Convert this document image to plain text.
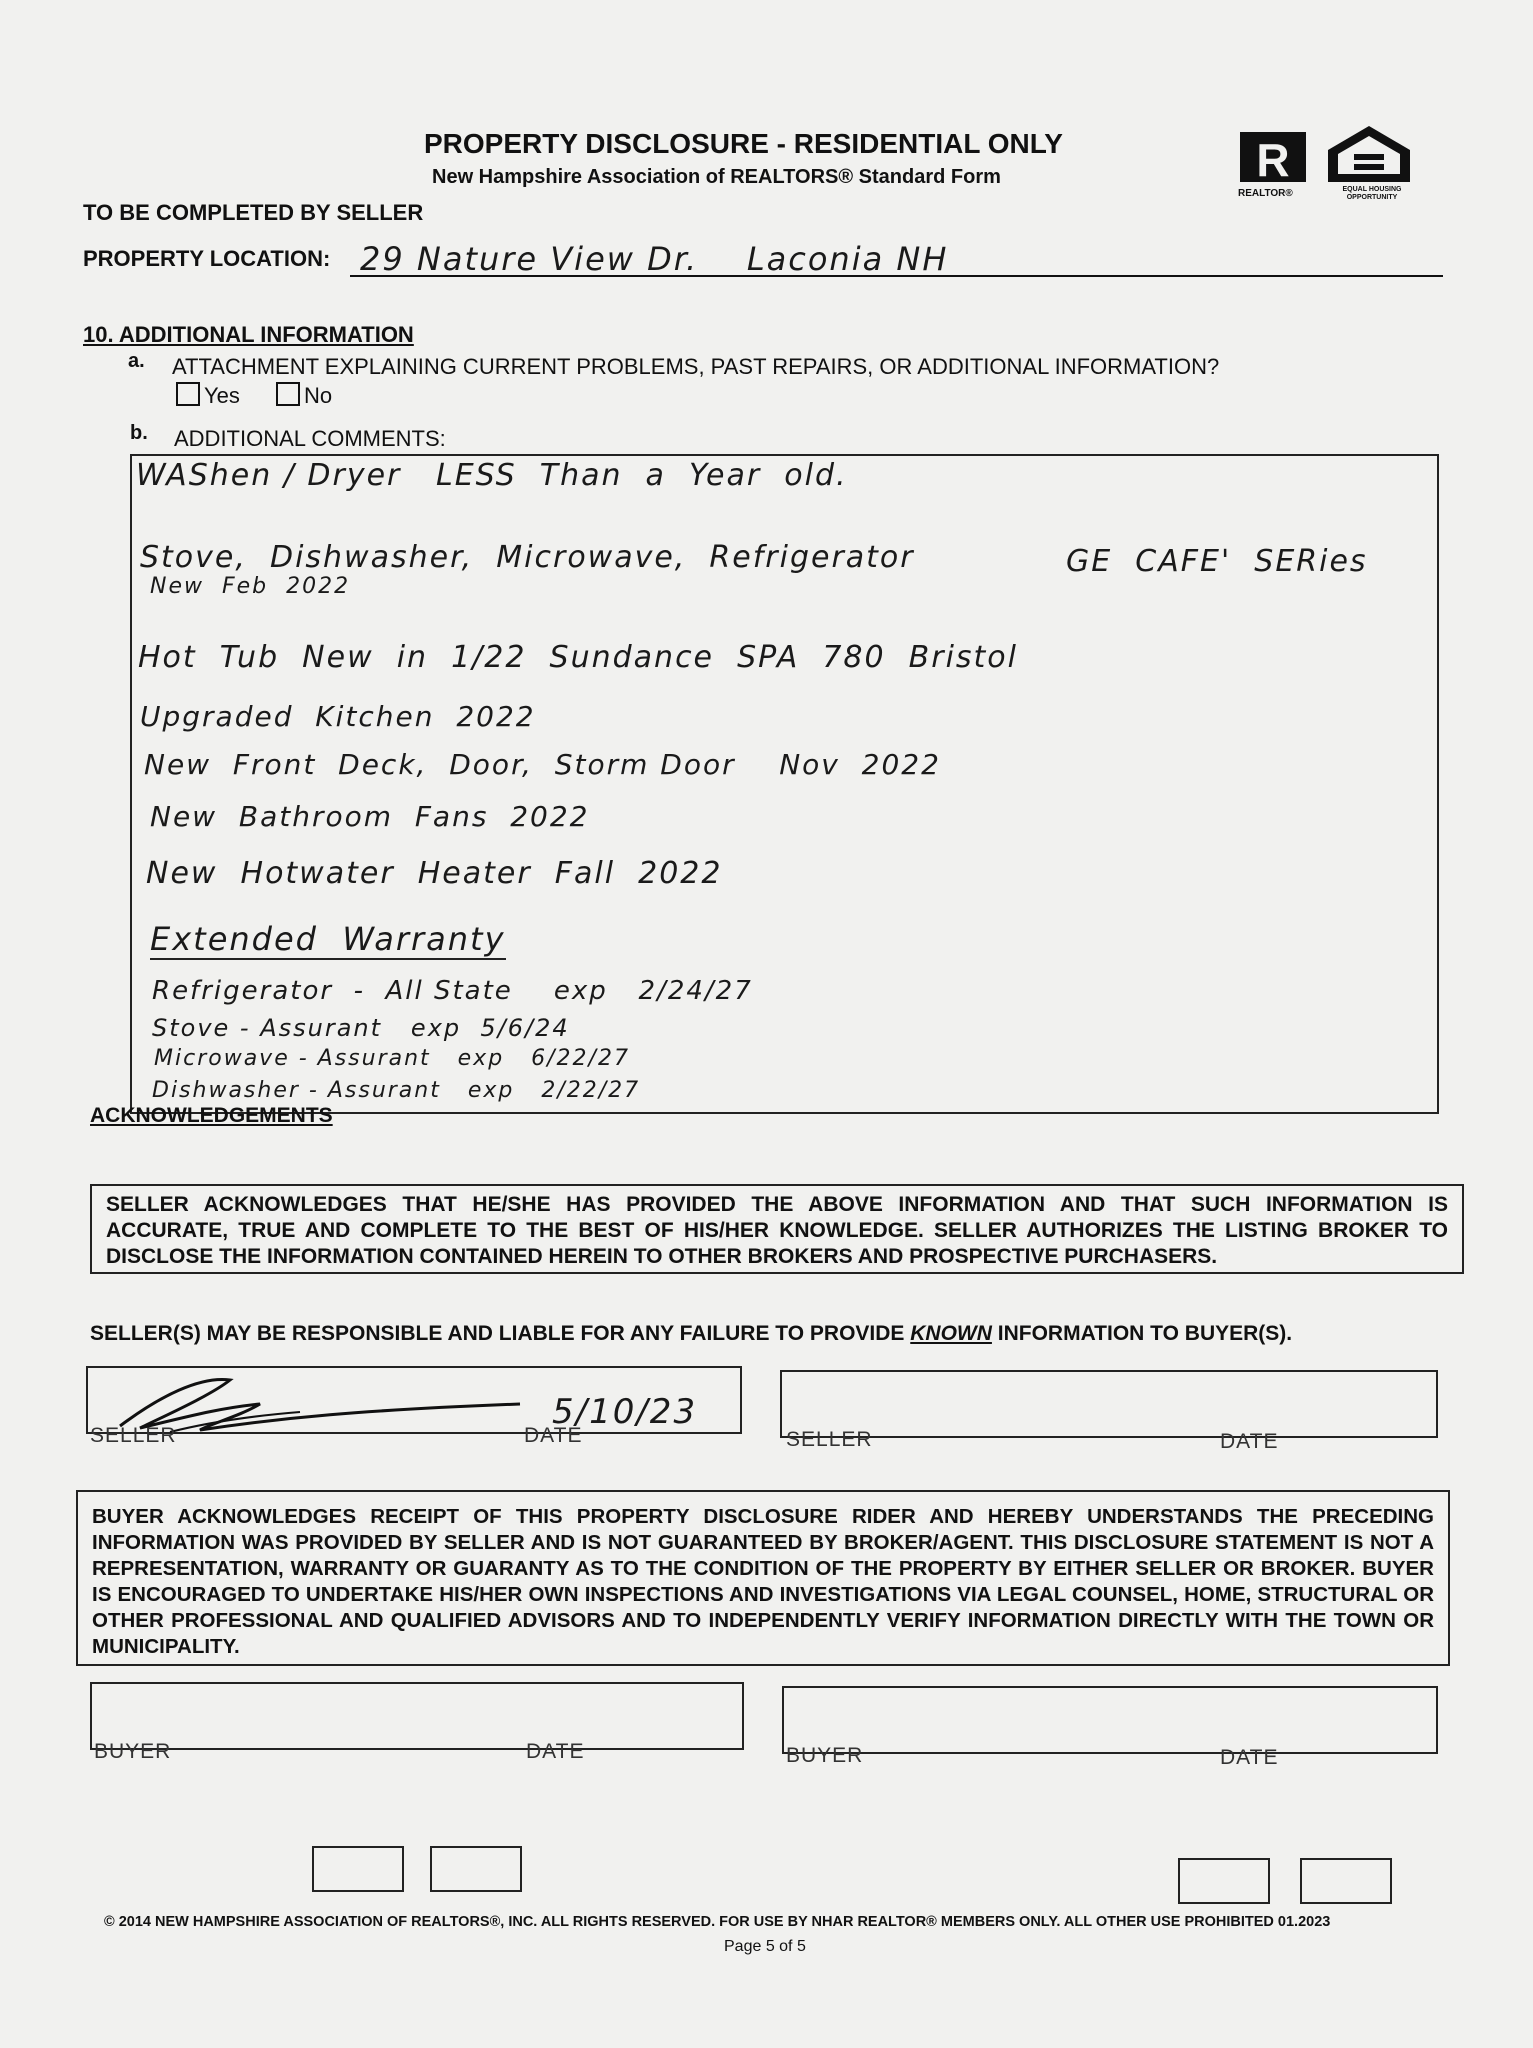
PROPERTY DISCLOSURE - RESIDENTIAL ONLY
New Hampshire Association of REALTORS® Standard Form	R
REALTOR®	EQUAL HOUSING OPPORTUNITY
TO BE COMPLETED BY SELLER
PROPERTY LOCATION: 29 Nature View Dr.    Laconia NH
10. ADDITIONAL INFORMATION
a. ATTACHMENT EXPLAINING CURRENT PROBLEMS, PAST REPAIRS, OR ADDITIONAL INFORMATION?
Yes	No
b. ADDITIONAL COMMENTS:
WAShen / Dryer   LESS  Than  a  Year  old.
Stove,  Dishwasher,  Microwave,  Refrigerator	GE  CAFE'  SERies
New  Feb  2022
Hot  Tub  New  in  1/22  Sundance  SPA  780  Bristol
Upgraded  Kitchen  2022
New  Front  Deck,  Door,  Storm Door    Nov  2022
New  Bathroom  Fans  2022
New  Hotwater  Heater  Fall  2022
Extended  Warranty
Refrigerator  -  All State    exp   2/24/27
Stove - Assurant   exp  5/6/24
Microwave - Assurant   exp   6/22/27
Dishwasher - Assurant   exp   2/22/27
ACKNOWLEDGEMENTS
SELLER ACKNOWLEDGES THAT HE/SHE HAS PROVIDED THE ABOVE INFORMATION AND THAT SUCH INFORMATION IS ACCURATE, TRUE AND COMPLETE TO THE BEST OF HIS/HER KNOWLEDGE. SELLER AUTHORIZES THE LISTING BROKER TO DISCLOSE THE INFORMATION CONTAINED HEREIN TO OTHER BROKERS AND PROSPECTIVE PURCHASERS.
SELLER(S) MAY BE RESPONSIBLE AND LIABLE FOR ANY FAILURE TO PROVIDE KNOWN INFORMATION TO BUYER(S).
5/10/23
SELLER	DATE	SELLER	DATE
BUYER ACKNOWLEDGES RECEIPT OF THIS PROPERTY DISCLOSURE RIDER AND HEREBY UNDERSTANDS THE PRECEDING INFORMATION WAS PROVIDED BY SELLER AND IS NOT GUARANTEED BY BROKER/AGENT. THIS DISCLOSURE STATEMENT IS NOT A REPRESENTATION, WARRANTY OR GUARANTY AS TO THE CONDITION OF THE PROPERTY BY EITHER SELLER OR BROKER. BUYER IS ENCOURAGED TO UNDERTAKE HIS/HER OWN INSPECTIONS AND INVESTIGATIONS VIA LEGAL COUNSEL, HOME, STRUCTURAL OR OTHER PROFESSIONAL AND QUALIFIED ADVISORS AND TO INDEPENDENTLY VERIFY INFORMATION DIRECTLY WITH THE TOWN OR MUNICIPALITY.
BUYER	DATE	BUYER	DATE
© 2014 NEW HAMPSHIRE ASSOCIATION OF REALTORS®, INC. ALL RIGHTS RESERVED. FOR USE BY NHAR REALTOR® MEMBERS ONLY. ALL OTHER USE PROHIBITED 01.2023
Page 5 of 5
